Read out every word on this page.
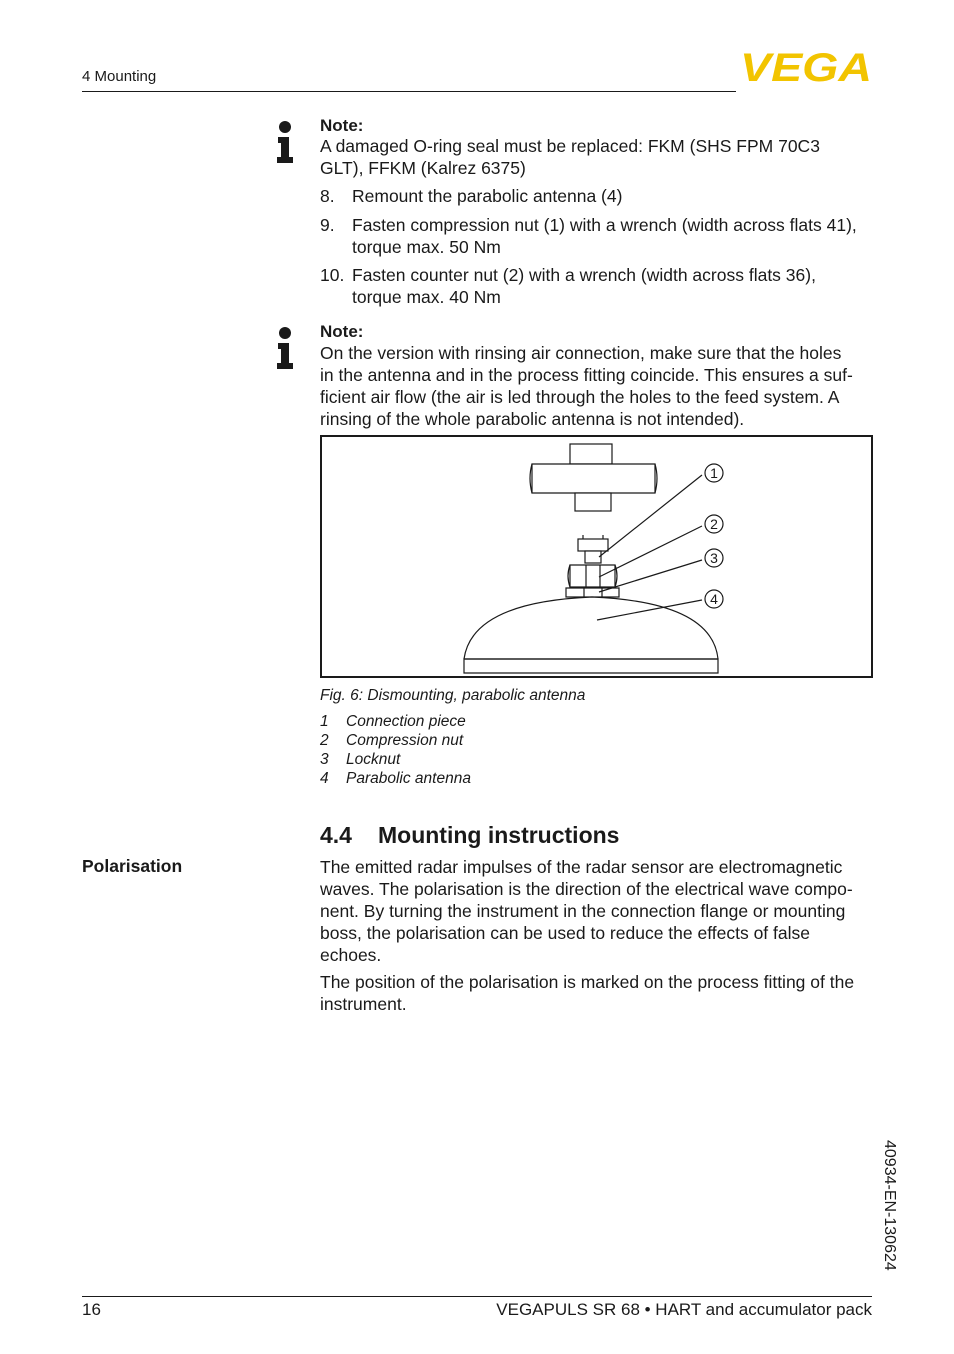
4 Mounting	VEGA
Note:
A damaged O-ring seal must be replaced: FKM (SHS FPM 70C3
GLT), FFKM (Kalrez 6375)
8. Remount the parabolic antenna (4)
9. Fasten compression nut (1) with a wrench (width across flats 41),
torque max. 50 Nm
10. Fasten counter nut (2) with a wrench (width across flats 36),
torque max. 40 Nm
Note:
On the version with rinsing air connection, make sure that the holes
in the antenna and in the process fitting coincide. This ensures a suf-
ficient air flow (the air is led through the holes to the feed system. A
rinsing of the whole parabolic antenna is not intended).
1
2
3
4
Fig. 6: Dismounting, parabolic antenna
1 Connection piece
2 Compression nut
3 Locknut
4 Parabolic antenna
4.4 Mounting instructions
Polarisation	The emitted radar impulses of the radar sensor are electromagnetic
waves. The polarisation is the direction of the electrical wave compo-
nent. By turning the instrument in the connection flange or mounting
boss, the polarisation can be used to reduce the effects of false
echoes.
The position of the polarisation is marked on the process fitting of the
instrument.
40934-EN-130624
16	VEGAPULS SR 68 • HART and accumulator pack
